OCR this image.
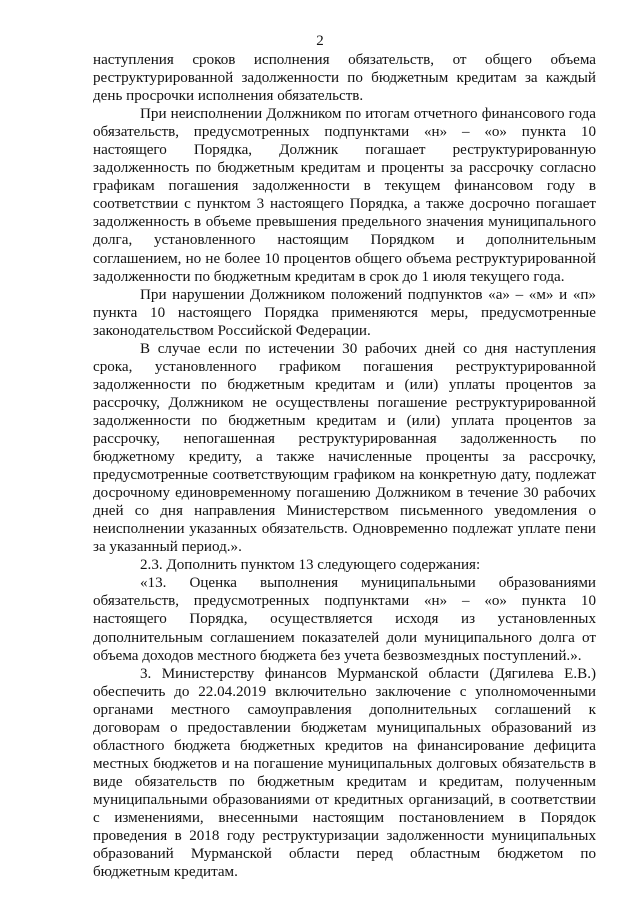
2

наступления сроков исполнения обязательств, от общего объема реструктурированной задолженности по бюджетным кредитам за каждый день просрочки исполнения обязательств.

При неисполнении Должником по итогам отчетного финансового года обязательств, предусмотренных подпунктами «н» – «о» пункта 10 настоящего Порядка, Должник погашает реструктурированную задолженность по бюджетным кредитам и проценты за рассрочку согласно графикам погашения задолженности в текущем финансовом году в соответствии с пунктом 3 настоящего Порядка, а также досрочно погашает задолженность в объеме превышения предельного значения муниципального долга, установленного настоящим Порядком и дополнительным соглашением, но не более 10 процентов общего объема реструктурированной задолженности по бюджетным кредитам в срок до 1 июля текущего года.

При нарушении Должником положений подпунктов «а» – «м» и «п» пункта 10 настоящего Порядка применяются меры, предусмотренные законодательством Российской Федерации.

В случае если по истечении 30 рабочих дней со дня наступления срока, установленного графиком погашения реструктурированной задолженности по бюджетным кредитам и (или) уплаты процентов за рассрочку, Должником не осуществлены погашение реструктурированной задолженности по бюджетным кредитам и (или) уплата процентов за рассрочку, непогашенная реструктурированная задолженность по бюджетному кредиту, а также начисленные проценты за рассрочку, предусмотренные соответствующим графиком на конкретную дату, подлежат досрочному единовременному погашению Должником в течение 30 рабочих дней со дня направления Министерством письменного уведомления о неисполнении указанных обязательств. Одновременно подлежат уплате пени за указанный период.».

2.3. Дополнить пунктом 13 следующего содержания:

«13. Оценка выполнения муниципальными образованиями обязательств, предусмотренных подпунктами «н» – «о» пункта 10 настоящего Порядка, осуществляется исходя из установленных дополнительным соглашением показателей доли муниципального долга от объема доходов местного бюджета без учета безвозмездных поступлений.».

3. Министерству финансов Мурманской области (Дягилева Е.В.) обеспечить до 22.04.2019 включительно заключение с уполномоченными органами местного самоуправления дополнительных соглашений к договорам о предоставлении бюджетам муниципальных образований из областного бюджета бюджетных кредитов на финансирование дефицита местных бюджетов и на погашение муниципальных долговых обязательств в виде обязательств по бюджетным кредитам и кредитам, полученным муниципальными образованиями от кредитных организаций, в соответствии с изменениями, внесенными настоящим постановлением в Порядок проведения в 2018 году реструктуризации задолженности муниципальных образований Мурманской области перед областным бюджетом по бюджетным кредитам.
